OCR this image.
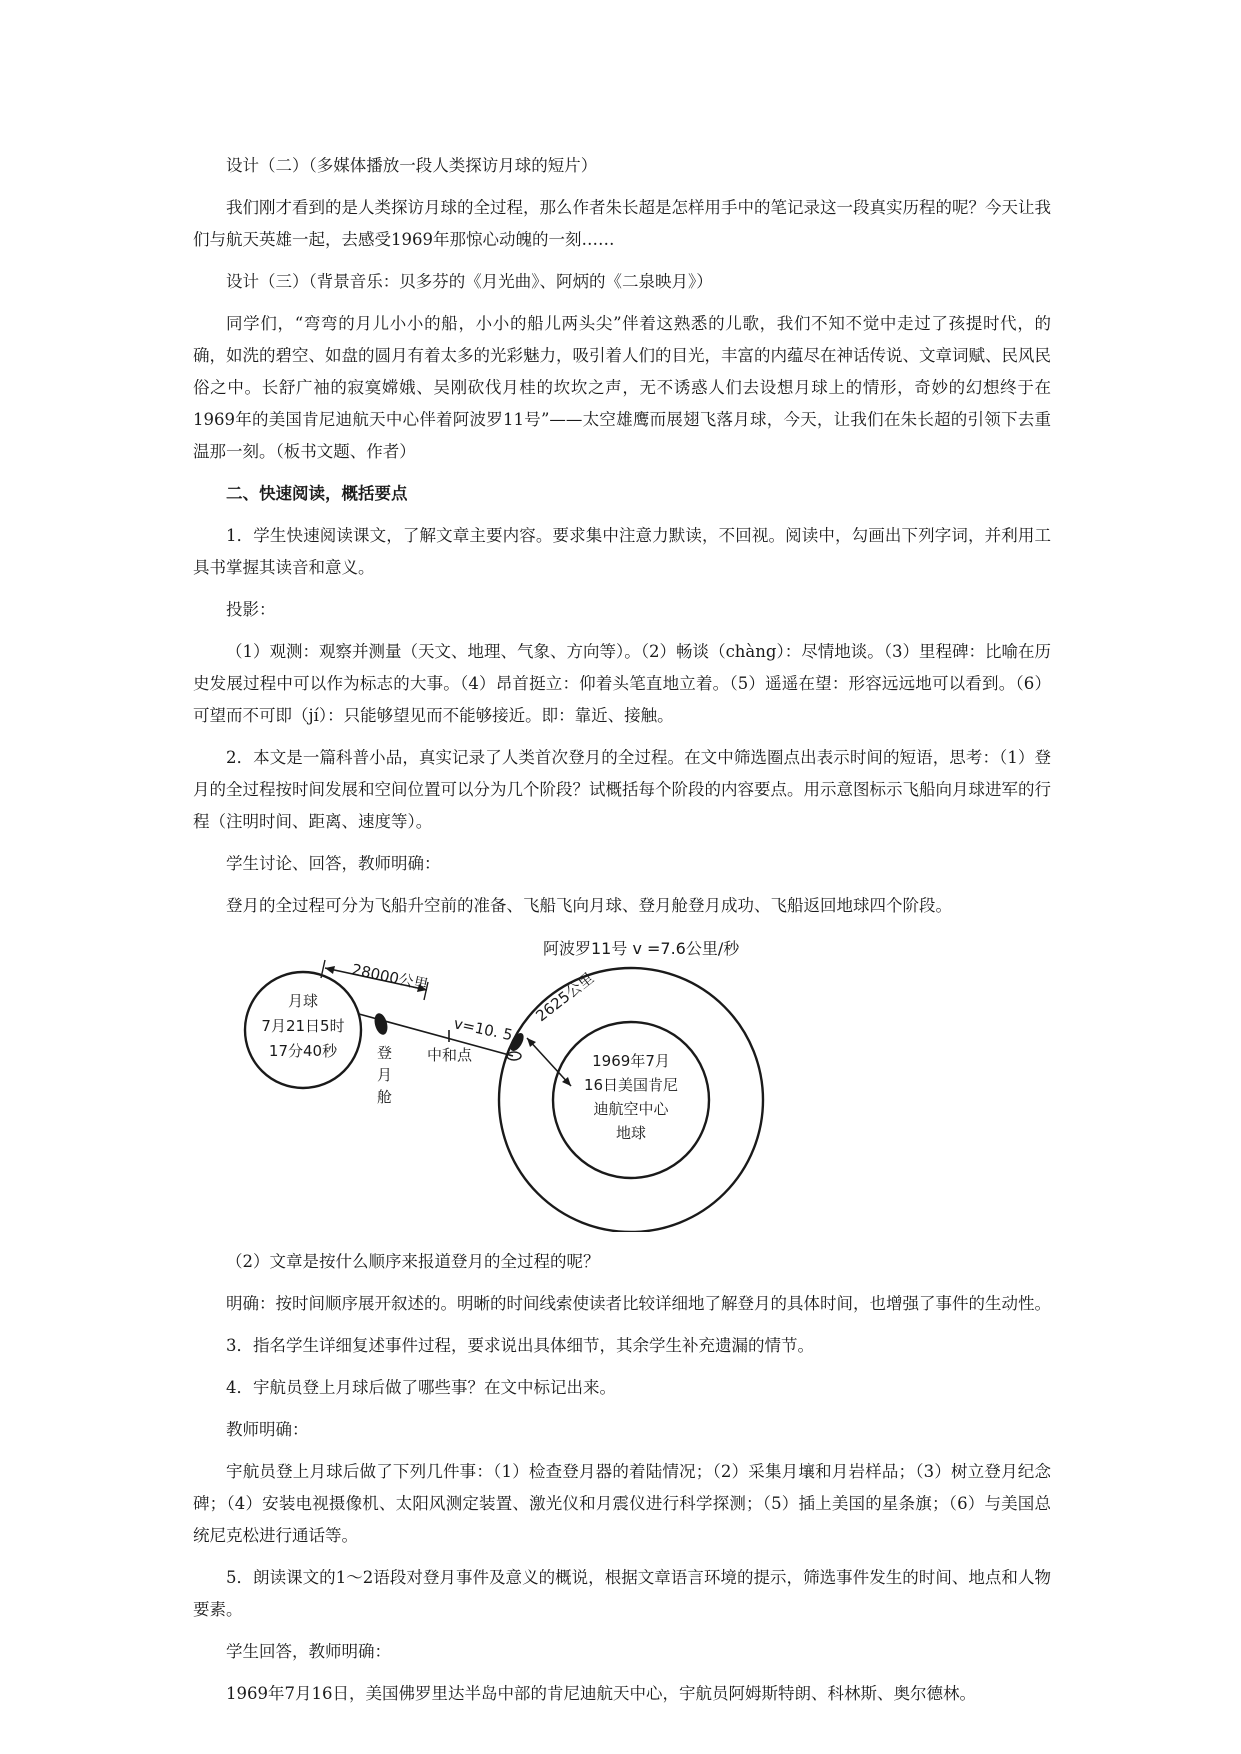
设计（二）（多媒体播放一段人类探访月球的短片）

我们刚才看到的是人类探访月球的全过程，那么作者朱长超是怎样用手中的笔记录这一段真实历程的呢？今天让我们与航天英雄一起，去感受1969年那惊心动魄的一刻……

设计（三）（背景音乐：贝多芬的《月光曲》、阿炳的《二泉映月》）

同学们，“弯弯的月儿小小的船，小小的船儿两头尖”伴着这熟悉的儿歌，我们不知不觉中走过了孩提时代，的确，如洗的碧空、如盘的圆月有着太多的光彩魅力，吸引着人们的目光，丰富的内蕴尽在神话传说、文章词赋、民风民俗之中。长舒广袖的寂寞嫦娥、吴刚砍伐月桂的坎坎之声，无不诱惑人们去设想月球上的情形，奇妙的幻想终于在1969年的美国肯尼迪航天中心伴着阿波罗11号”——太空雄鹰而展翅飞落月球，今天，让我们在朱长超的引领下去重温那一刻。（板书文题、作者）

二、快速阅读，概括要点

1．学生快速阅读课文，了解文章主要内容。要求集中注意力默读，不回视。阅读中，勾画出下列字词，并利用工具书掌握其读音和意义。

投影：

（1）观测：观察并测量（天文、地理、气象、方向等）。（2）畅谈（chàng）：尽情地谈。（3）里程碑：比喻在历史发展过程中可以作为标志的大事。（4）昂首挺立：仰着头笔直地立着。（5）遥遥在望：形容远远地可以看到。（6）可望而不可即（jí）：只能够望见而不能够接近。即：靠近、接触。

2．本文是一篇科普小品，真实记录了人类首次登月的全过程。在文中筛选圈点出表示时间的短语，思考：（1）登月的全过程按时间发展和空间位置可以分为几个阶段？试概括每个阶段的内容要点。用示意图标示飞船向月球进军的行程（注明时间、距离、速度等）。

学生讨论、回答，教师明确：

登月的全过程可分为飞船升空前的准备、飞船飞向月球、登月舱登月成功、飞船返回地球四个阶段。

阿波罗11号 v =7.6公里/秒
月球
7月21日5时
17分40秒
28000公里
登
月
舱
v=10. 5
中和点
2625公里
1969年7月
16日美国肯尼
迪航空中心
地球

（2）文章是按什么顺序来报道登月的全过程的呢？

明确：按时间顺序展开叙述的。明晰的时间线索使读者比较详细地了解登月的具体时间，也增强了事件的生动性。

3．指名学生详细复述事件过程，要求说出具体细节，其余学生补充遗漏的情节。

4．宇航员登上月球后做了哪些事？在文中标记出来。

教师明确：

宇航员登上月球后做了下列几件事：（1）检查登月器的着陆情况；（2）采集月壤和月岩样品；（3）树立登月纪念碑；（4）安装电视摄像机、太阳风测定装置、激光仪和月震仪进行科学探测；（5）插上美国的星条旗；（6）与美国总统尼克松进行通话等。

5．朗读课文的1～2语段对登月事件及意义的概说，根据文章语言环境的提示，筛选事件发生的时间、地点和人物要素。

学生回答，教师明确：

1969年7月16日，美国佛罗里达半岛中部的肯尼迪航天中心，宇航员阿姆斯特朗、科林斯、奥尔德林。
